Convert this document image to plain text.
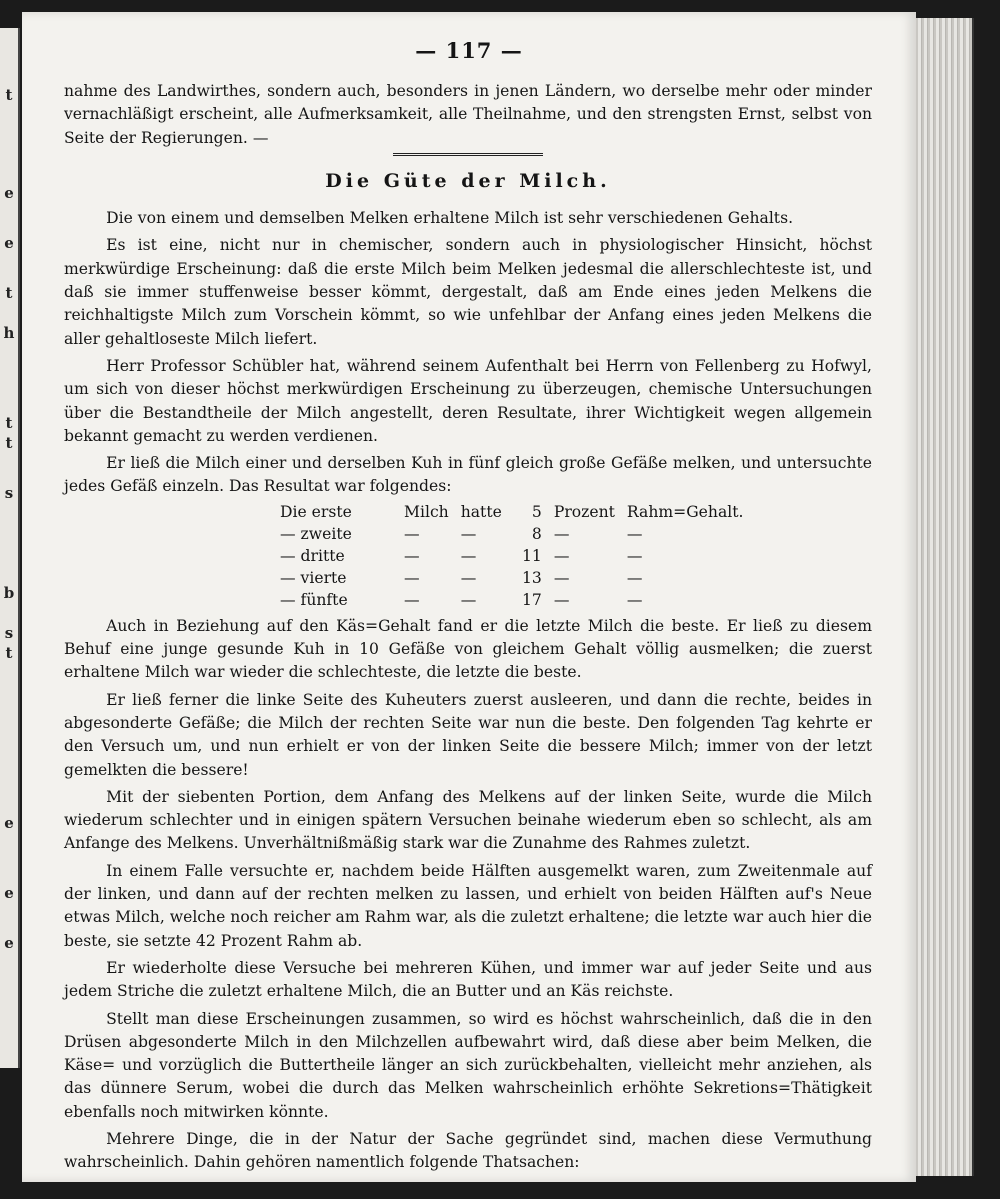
t
e
e
t
h
t
t
s
b
s
t
e
e
e
— 117 —

nahme des Landwirthes, sondern auch, besonders in jenen Ländern, wo derselbe mehr oder minder vernachläßigt erscheint, alle Aufmerksamkeit, alle Theilnahme, und den strengsten Ernst, selbst von Seite der Regierungen. —

Die Güte der Milch.

Die von einem und demselben Melken erhaltene Milch ist sehr verschiedenen Gehalts.

Es ist eine, nicht nur in chemischer, sondern auch in physiologischer Hinsicht, höchst merkwürdige Erscheinung: daß die erste Milch beim Melken jedesmal die allerschlechteste ist, und daß sie immer stuffenweise besser kömmt, dergestalt, daß am Ende eines jeden Melkens die reichhaltigste Milch zum Vorschein kömmt, so wie unfehlbar der Anfang eines jeden Melkens die aller gehaltloseste Milch liefert.

Herr Professor Schübler hat, während seinem Aufenthalt bei Herrn von Fellenberg zu Hofwyl, um sich von dieser höchst merkwürdigen Erscheinung zu überzeugen, chemische Untersuchungen über die Bestandtheile der Milch angestellt, deren Resultate, ihrer Wichtigkeit wegen allgemein bekannt gemacht zu werden verdienen.

Er ließ die Milch einer und derselben Kuh in fünf gleich große Gefäße melken, und untersuchte jedes Gefäß einzeln. Das Resultat war folgendes:

Die erste	Milch	hatte	5	Prozent	Rahm=Gehalt.
— zweite	—	—	8	—	—
— dritte	—	—	11	—	—
— vierte	—	—	13	—	—
— fünfte	—	—	17	—	—

Auch in Beziehung auf den Käs=Gehalt fand er die letzte Milch die beste. Er ließ zu diesem Behuf eine junge gesunde Kuh in 10 Gefäße von gleichem Gehalt völlig ausmelken; die zuerst erhaltene Milch war wieder die schlechteste, die letzte die beste.

Er ließ ferner die linke Seite des Kuheuters zuerst ausleeren, und dann die rechte, beides in abgesonderte Gefäße; die Milch der rechten Seite war nun die beste. Den folgenden Tag kehrte er den Versuch um, und nun erhielt er von der linken Seite die bessere Milch; immer von der letzt gemelkten die bessere!

Mit der siebenten Portion, dem Anfang des Melkens auf der linken Seite, wurde die Milch wiederum schlechter und in einigen spätern Versuchen beinahe wiederum eben so schlecht, als am Anfange des Melkens. Unverhältnißmäßig stark war die Zunahme des Rahmes zuletzt.

In einem Falle versuchte er, nachdem beide Hälften ausgemelkt waren, zum Zweitenmale auf der linken, und dann auf der rechten melken zu lassen, und erhielt von beiden Hälften auf's Neue etwas Milch, welche noch reicher am Rahm war, als die zuletzt erhaltene; die letzte war auch hier die beste, sie setzte 42 Prozent Rahm ab.

Er wiederholte diese Versuche bei mehreren Kühen, und immer war auf jeder Seite und aus jedem Striche die zuletzt erhaltene Milch, die an Butter und an Käs reichste.

Stellt man diese Erscheinungen zusammen, so wird es höchst wahrscheinlich, daß die in den Drüsen abgesonderte Milch in den Milchzellen aufbewahrt wird, daß diese aber beim Melken, die Käse= und vorzüglich die Buttertheile länger an sich zurückbehalten, vielleicht mehr anziehen, als das dünnere Serum, wobei die durch das Melken wahrscheinlich erhöhte Sekretions=Thätigkeit ebenfalls noch mitwirken könnte.

Mehrere Dinge, die in der Natur der Sache gegründet sind, machen diese Vermuthung wahrscheinlich. Dahin gehören namentlich folgende Thatsachen:
